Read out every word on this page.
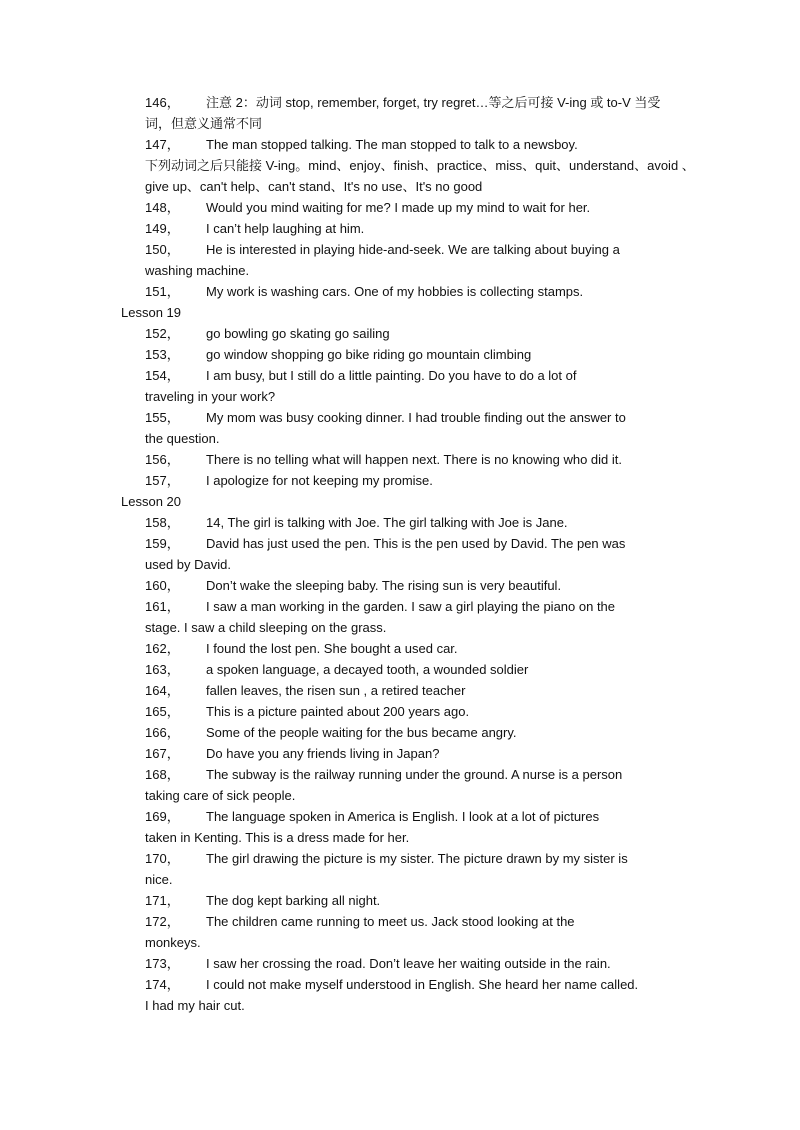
146， 注意 2：动词 stop, remember, forget, try regret…等之后可接 V-ing 或 to-V 当受
词，但意义通常不同
147， The man stopped talking. The man stopped to talk to a newsboy.
下列动词之后只能接 V-ing。mind、enjoy、finish、practice、miss、quit、understand、avoid 、
give up、can't help、can't stand、It's no use、It's no good
148， Would you mind waiting for me? I made up my mind to wait for her.
149， I can’t help laughing at him.
150， He is interested in playing hide-and-seek. We are talking about buying a
washing machine.
151， My work is washing cars. One of my hobbies is collecting stamps.
Lesson 19
152， go bowling go skating go sailing
153， go window shopping go bike riding go mountain climbing
154， I am busy, but I still do a little painting. Do you have to do a lot of
traveling in your work?
155， My mom was busy cooking dinner. I had trouble finding out the answer to
the question.
156， There is no telling what will happen next. There is no knowing who did it.
157， I apologize for not keeping my promise.
Lesson 20
158， 14, The girl is talking with Joe. The girl talking with Joe is Jane.
159， David has just used the pen. This is the pen used by David. The pen was
used by David.
160， Don’t wake the sleeping baby. The rising sun is very beautiful.
161， I saw a man working in the garden. I saw a girl playing the piano on the
stage. I saw a child sleeping on the grass.
162， I found the lost pen. She bought a used car.
163， a spoken language, a decayed tooth, a wounded soldier
164， fallen leaves, the risen sun , a retired teacher
165， This is a picture painted about 200 years ago.
166， Some of the people waiting for the bus became angry.
167， Do have you any friends living in Japan?
168， The subway is the railway running under the ground. A nurse is a person
taking care of sick people.
169， The language spoken in America is English. I look at a lot of pictures
taken in Kenting. This is a dress made for her.
170， The girl drawing the picture is my sister. The picture drawn by my sister is
nice.
171， The dog kept barking all night.
172， The children came running to meet us. Jack stood looking at the
monkeys.
173， I saw her crossing the road. Don’t leave her waiting outside in the rain.
174， I could not make myself understood in English. She heard her name called.
I had my hair cut.
